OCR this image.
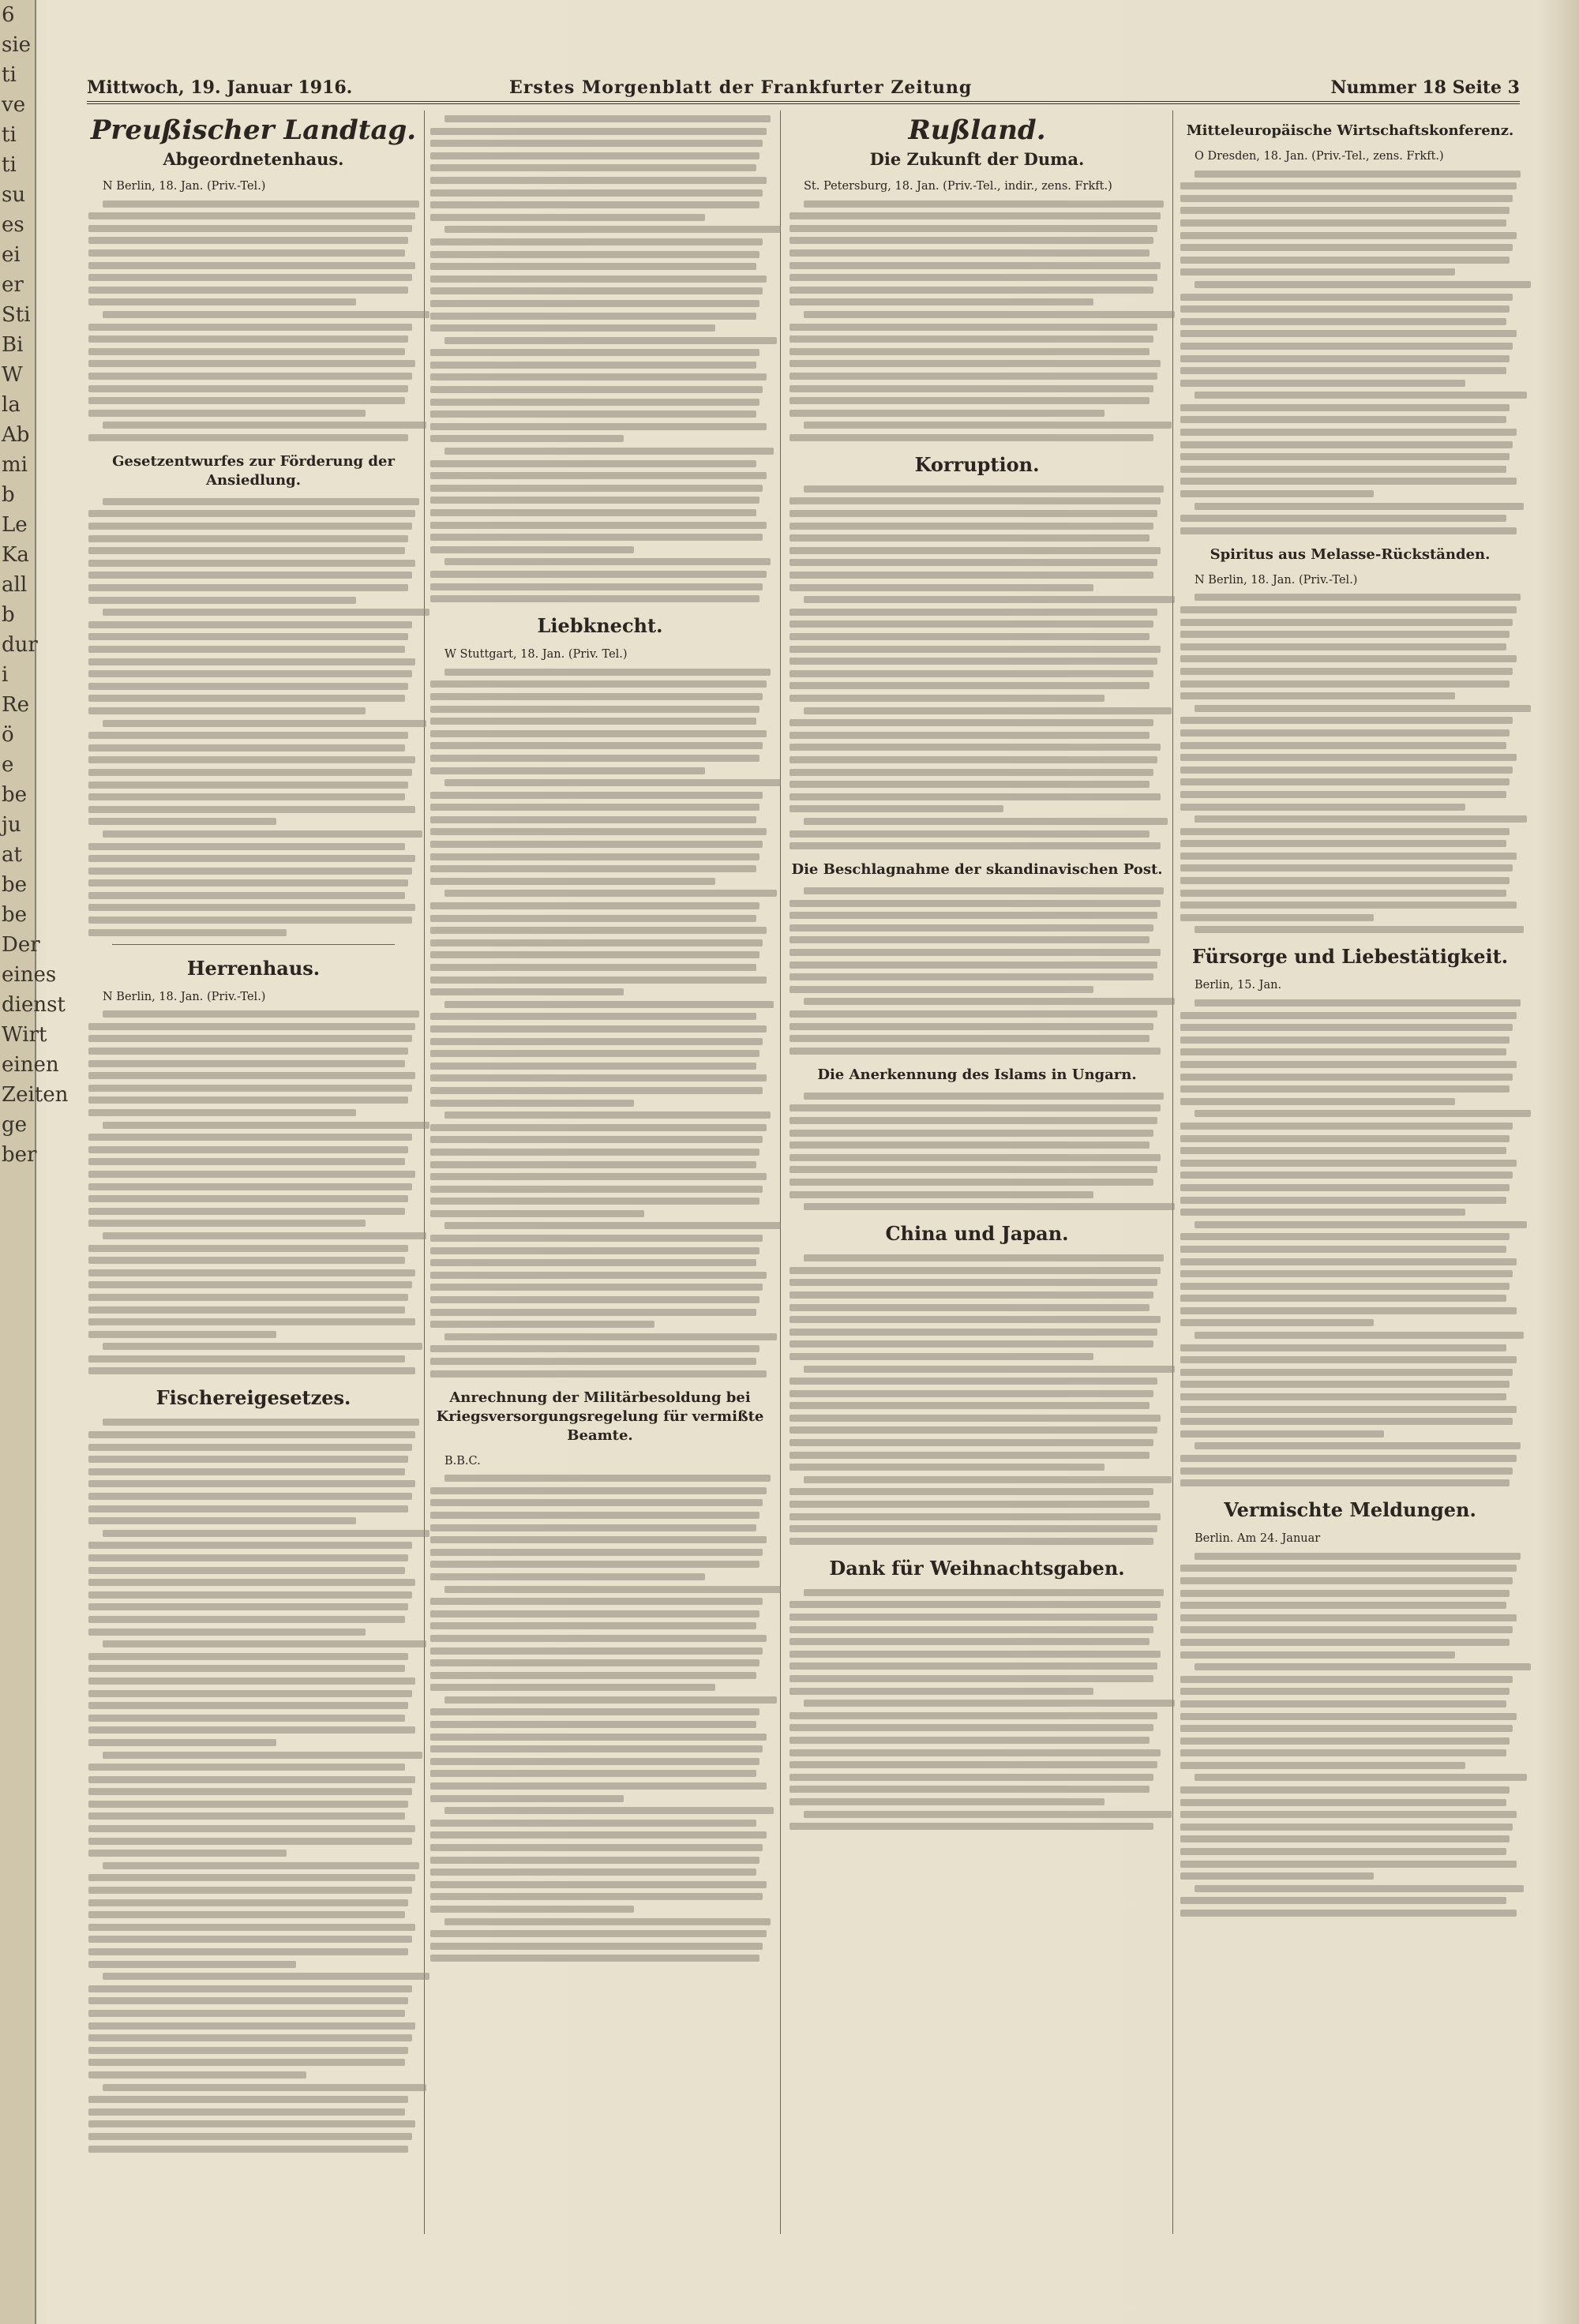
6
sie
ti
ve
ti
ti
su
es
ei
er
Sti
Bi
W
la
Ab
mi
b
Le
Ka
all
b
dur
i
Re
ö
e
be
ju
at
be
be
Der
eines
dienst
Wirt
einen
Zeiten
ge
ber
Mittwoch, 19. Januar 1916.	Erstes Morgenblatt der Frankfurter Zeitung	Nummer 18 Seite 3
Preußischer Landtag.
Abgeordnetenhaus.

N Berlin, 18. Jan. (Priv.-Tel.)

Gesetzentwurfes zur Förderung der Ansiedlung.
Herrenhaus.

N Berlin, 18. Jan. (Priv.-Tel.)

Fischereigesetzes.
Liebknecht.

W Stuttgart, 18. Jan. (Priv. Tel.)

Anrechnung der Militärbesoldung bei Kriegsversorgungsregelung für vermißte Beamte.

B.B.C.

Rußland.
Die Zukunft der Duma.

St. Petersburg, 18. Jan. (Priv.-Tel., indir., zens. Frkft.)

Korruption.
Die Beschlagnahme der skandinavischen Post.
Die Anerkennung des Islams in Ungarn.
China und Japan.
Dank für Weihnachtsgaben.
Mitteleuropäische Wirtschaftskonferenz.

O Dresden, 18. Jan. (Priv.-Tel., zens. Frkft.)

Spiritus aus Melasse-Rückständen.

N Berlin, 18. Jan. (Priv.-Tel.)

Fürsorge und Liebestätigkeit.

Berlin, 15. Jan.

Vermischte Meldungen.

Berlin. Am 24. Januar
